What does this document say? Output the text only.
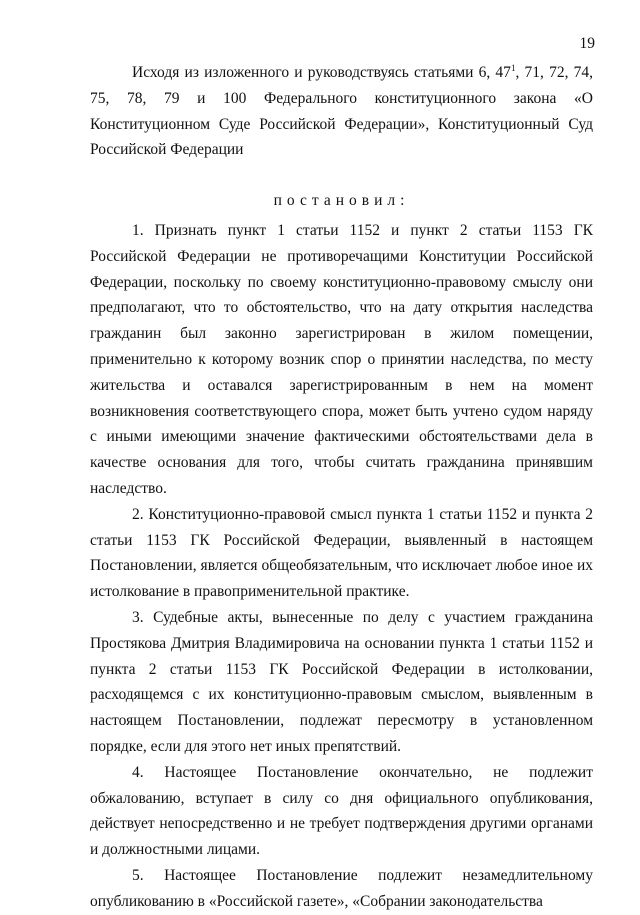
19

Исходя из изложенного и руководствуясь статьями 6, $47^1$, 71, 72, 74, 75, 78, 79 и 100 Федерального конституционного закона «О Конституционном Суде Российской Федерации», Конституционный Суд Российской Федерации

постановил:

1. Признать пункт 1 статьи 1152 и пункт 2 статьи 1153 ГК Российской Федерации не противоречащими Конституции Российской Федерации, поскольку по своему конституционно-правовому смыслу они предполагают, что то обстоятельство, что на дату открытия наследства гражданин был законно зарегистрирован в жилом помещении, применительно к которому возник спор о принятии наследства, по месту жительства и оставался зарегистрированным в нем на момент возникновения соответствующего спора, может быть учтено судом наряду с иными имеющими значение фактическими обстоятельствами дела в качестве основания для того, чтобы считать гражданина принявшим наследство.

2. Конституционно-правовой смысл пункта 1 статьи 1152 и пункта 2 статьи 1153 ГК Российской Федерации, выявленный в настоящем Постановлении, является общеобязательным, что исключает любое иное их истолкование в правоприменительной практике.

3. Судебные акты, вынесенные по делу с участием гражданина Простякова Дмитрия Владимировича на основании пункта 1 статьи 1152 и пункта 2 статьи 1153 ГК Российской Федерации в истолковании, расходящемся с их конституционно-правовым смыслом, выявленным в настоящем Постановлении, подлежат пересмотру в установленном порядке, если для этого нет иных препятствий.

4. Настоящее Постановление окончательно, не подлежит обжалованию, вступает в силу со дня официального опубликования, действует непосредственно и не требует подтверждения другими органами и должностными лицами.

5. Настоящее Постановление подлежит незамедлительному опубликованию в «Российской газете», «Собрании законодательства
